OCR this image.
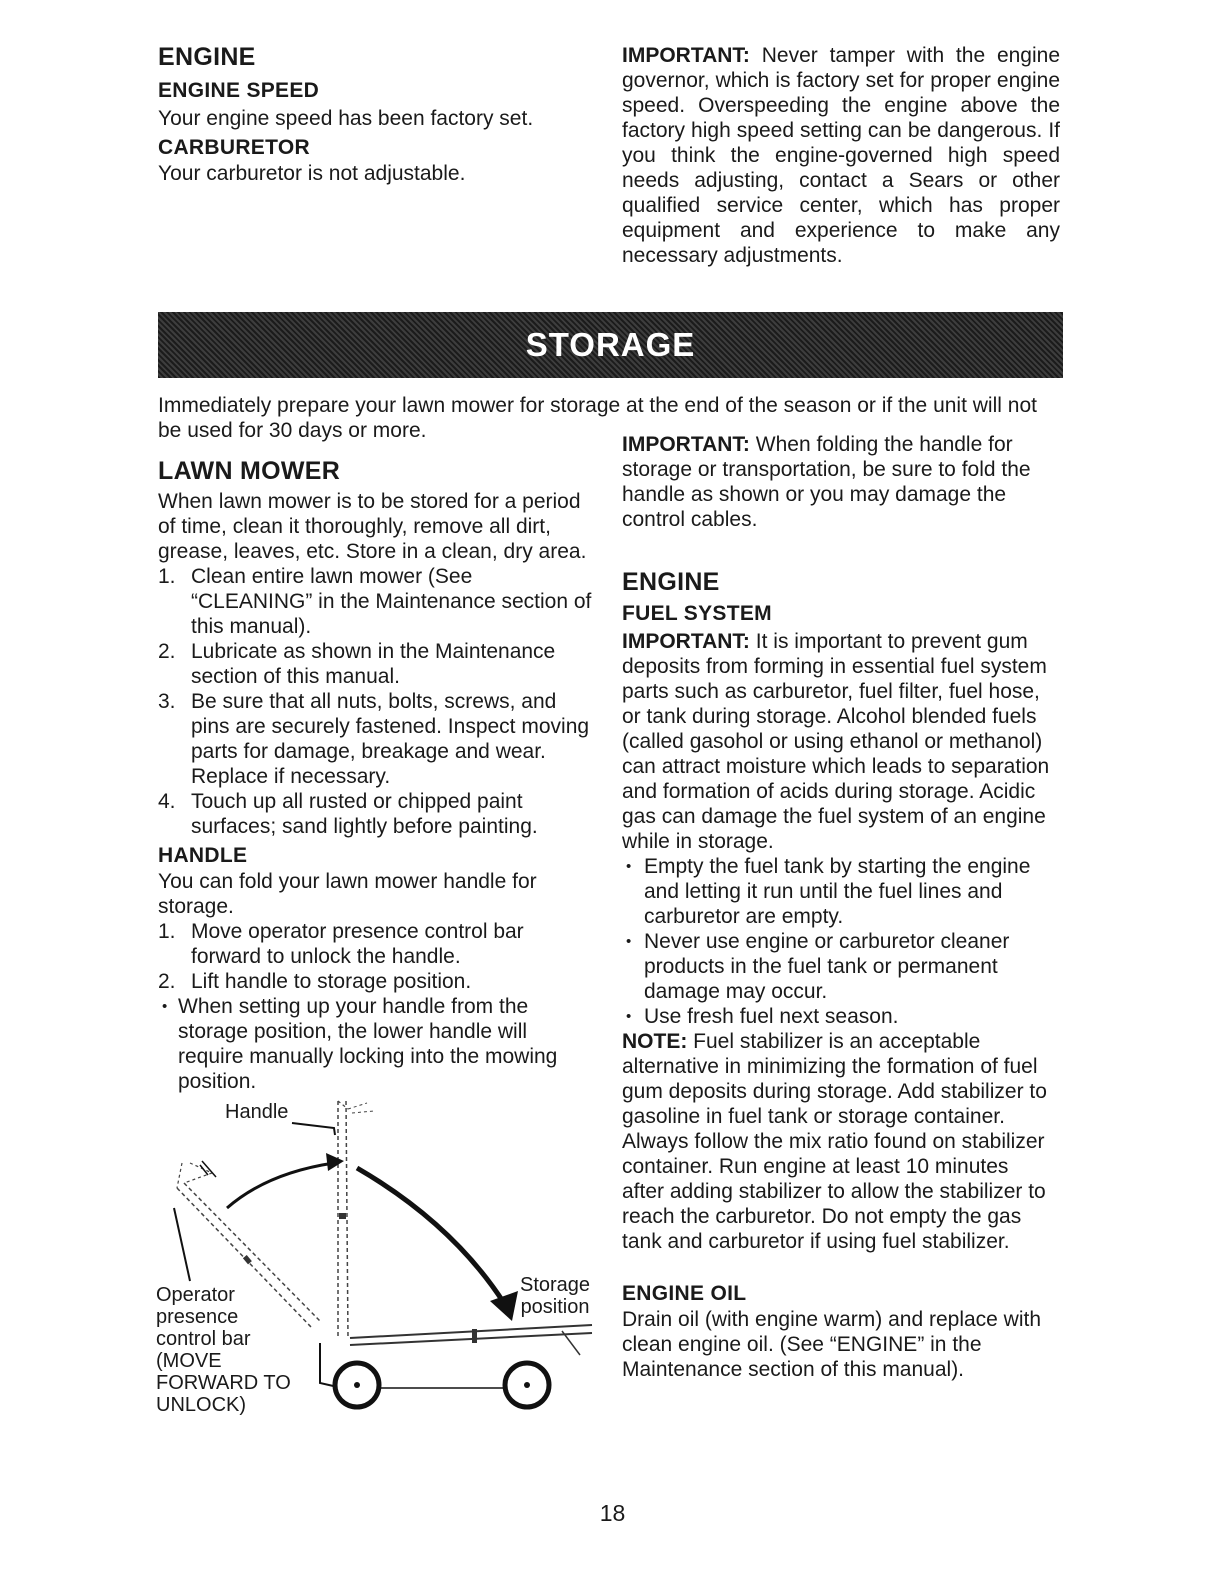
ENGINE
ENGINE SPEED

Your engine speed has been factory set.

CARBURETOR

Your carburetor is not adjustable.

IMPORTANT: Never tamper with the engine governor, which is factory set for proper engine speed. Overspeeding the engine above the factory high speed setting can be dangerous. If you think the engine-governed high speed needs adjusting, contact a Sears or other qualified service center, which has proper equipment and experience to make any necessary adjustments.

STORAGE

Immediately prepare your lawn mower for storage at the end of the season or if the unit will not be used for 30 days or more.

LAWN MOWER

When lawn mower is to be stored for a period of time, clean it thoroughly, remove all dirt, grease, leaves, etc. Store in a clean, dry area.

1. Clean entire lawn mower (See “CLEANING” in the Maintenance section of this manual).
2. Lubricate as shown in the Maintenance section of this manual.
3. Be sure that all nuts, bolts, screws, and pins are securely fastened. Inspect moving parts for damage, breakage and wear. Replace if necessary.
4. Touch up all rusted or chipped paint surfaces; sand lightly before painting.
HANDLE

You can fold your lawn mower handle for storage.

1. Move operator presence control bar forward to unlock the handle.
2. Lift handle to storage position.
• When setting up your handle from the storage position, the lower handle will require manually locking into the mowing position.

Handle

Operator

presence

control bar

(MOVE

FORWARD TO

UNLOCK)

Storage

position

IMPORTANT: When folding the handle for storage or transportation, be sure to fold the handle as shown or you may damage the control cables.

ENGINE
FUEL SYSTEM

IMPORTANT: It is important to prevent gum deposits from forming in essential fuel system parts such as carburetor, fuel filter, fuel hose, or tank during storage. Alcohol blended fuels (called gasohol or using ethanol or methanol) can attract moisture which leads to separation and formation of acids during storage. Acidic gas can damage the fuel system of an engine while in storage.

• Empty the fuel tank by starting the engine and letting it run until the fuel lines and carburetor are empty.
• Never use engine or carburetor cleaner products in the fuel tank or permanent damage may occur.
• Use fresh fuel next season.

NOTE: Fuel stabilizer is an acceptable alternative in minimizing the formation of fuel gum deposits during storage. Add stabilizer to gasoline in fuel tank or storage container. Always follow the mix ratio found on stabilizer container. Run engine at least 10 minutes after adding stabilizer to allow the stabilizer to reach the carburetor. Do not empty the gas tank and carburetor if using fuel stabilizer.

ENGINE OIL

Drain oil (with engine warm) and replace with clean engine oil. (See “ENGINE” in the Maintenance section of this manual).

18
